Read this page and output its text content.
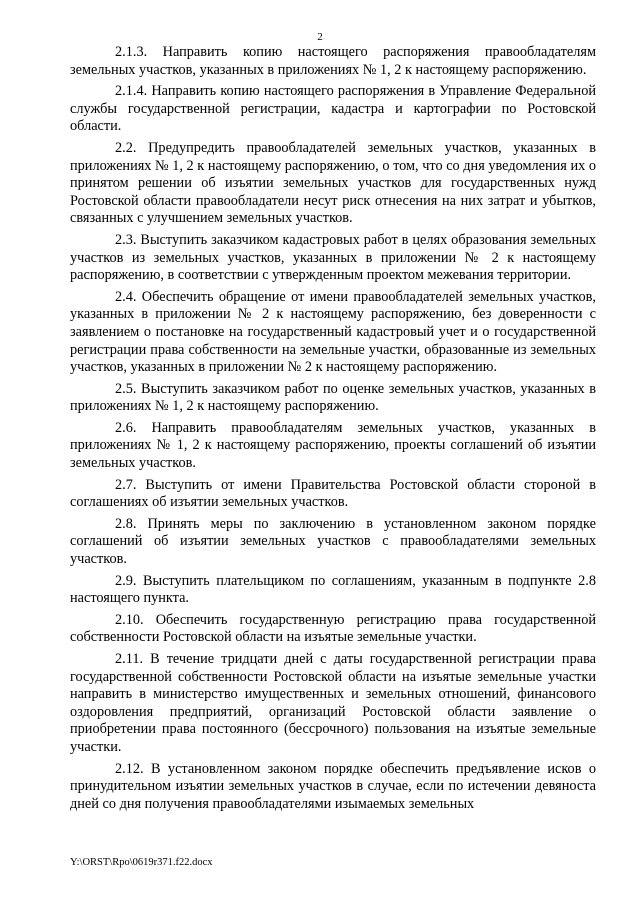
2

2.1.3. Направить копию настоящего распоряжения правообладателям земельных участков, указанных в приложениях № 1, 2 к настоящему распоряжению.

2.1.4. Направить копию настоящего распоряжения в Управление Федеральной службы государственной регистрации, кадастра и картографии по Ростовской области.

2.2. Предупредить правообладателей земельных участков, указанных в приложениях № 1, 2 к настоящему распоряжению, о том, что со дня уведомления их о принятом решении об изъятии земельных участков для государственных нужд Ростовской области правообладатели несут риск отнесения на них затрат и убытков, связанных с улучшением земельных участков.

2.3. Выступить заказчиком кадастровых работ в целях образования земельных участков из земельных участков, указанных в приложении № 2 к настоящему распоряжению, в соответствии с утвержденным проектом межевания территории.

2.4. Обеспечить обращение от имени правообладателей земельных участков, указанных в приложении № 2 к настоящему распоряжению, без доверенности с заявлением о постановке на государственный кадастровый учет и о государственной регистрации права собственности на земельные участки, образованные из земельных участков, указанных в приложении № 2 к настоящему распоряжению.

2.5. Выступить заказчиком работ по оценке земельных участков, указанных в приложениях № 1, 2 к настоящему распоряжению.

2.6. Направить правообладателям земельных участков, указанных в приложениях № 1, 2 к настоящему распоряжению, проекты соглашений об изъятии земельных участков.

2.7. Выступить от имени Правительства Ростовской области стороной в соглашениях об изъятии земельных участков.

2.8. Принять меры по заключению в установленном законом порядке соглашений об изъятии земельных участков с правообладателями земельных участков.

2.9. Выступить плательщиком по соглашениям, указанным в подпункте 2.8 настоящего пункта.

2.10. Обеспечить государственную регистрацию права государственной собственности Ростовской области на изъятые земельные участки.

2.11. В течение тридцати дней с даты государственной регистрации права государственной собственности Ростовской области на изъятые земельные участки направить в министерство имущественных и земельных отношений, финансового оздоровления предприятий, организаций Ростовской области заявление о приобретении права постоянного (бессрочного) пользования на изъятые земельные участки.

2.12. В установленном законом порядке обеспечить предъявление исков о принудительном изъятии земельных участков в случае, если по истечении девяноста дней со дня получения правообладателями изымаемых земельных

Y:\ORST\Rpo\0619r371.f22.docx
